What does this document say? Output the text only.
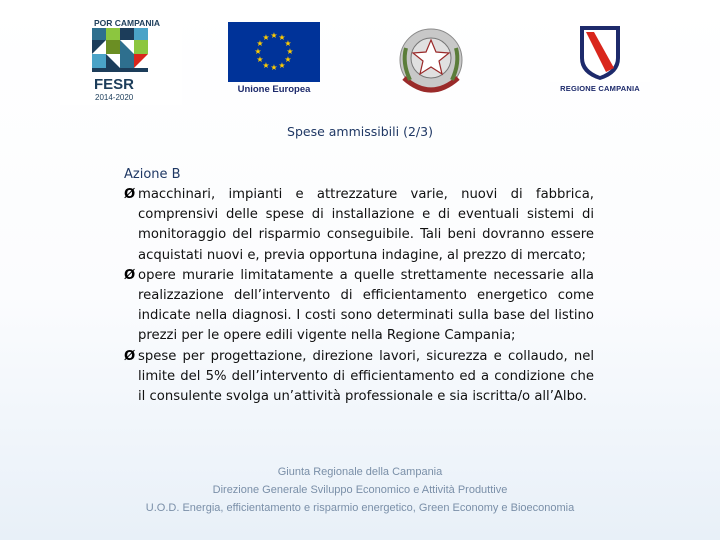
POR CAMPANIA
FESR
2014-2020
★ ★
★
★
★
★
★
★
★
★
★
★
Unione Europea	REGIONE CAMPANIA
Spese ammissibili (2/3)
Azione B
Ø macchinari, impianti e attrezzature varie, nuovi di fabbrica, comprensivi delle spese di installazione e di eventuali sistemi di monitoraggio del risparmio conseguibile. Tali beni dovranno essere acquistati nuovi e, previa opportuna indagine, al prezzo di mercato;
Ø opere murarie limitatamente a quelle strettamente necessarie alla realizzazione dell’intervento di efficientamento energetico come indicate nella diagnosi. I costi sono determinati sulla base del listino prezzi per le opere edili vigente nella Regione Campania;
Ø spese per progettazione, direzione lavori, sicurezza e collaudo, nel limite del 5% dell’intervento di efficientamento ed a condizione che il consulente svolga un’attività professionale e sia iscritta/o all’Albo.
Giunta Regionale della Campania
Direzione Generale Sviluppo Economico e Attività Produttive
U.O.D. Energia, efficientamento e risparmio energetico, Green Economy e Bioeconomia
